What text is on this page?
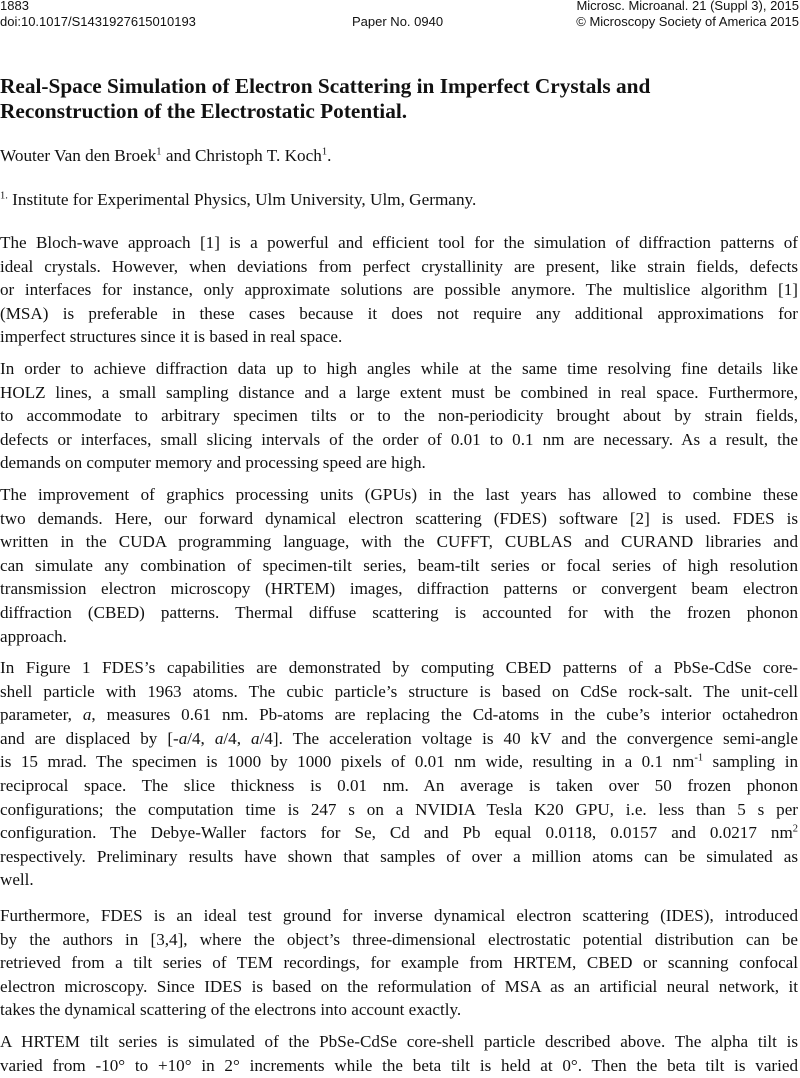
1883
doi:10.1017/S1431927615010193	Paper No. 0940
Microsc. Microanal. 21 (Suppl 3), 2015
© Microscopy Society of America 2015
Real-Space Simulation of Electron Scattering in Imperfect Crystals and
Reconstruction of the Electrostatic Potential.

Wouter Van den Broek$^1$ and Christoph T. Koch$^1$.

$^{1.}$ Institute for Experimental Physics, Ulm University, Ulm, Germany.

The Bloch-wave approach [1] is a powerful and efficient tool for the simulation of diffraction patterns of
ideal crystals. However, when deviations from perfect crystallinity are present, like strain fields, defects
or interfaces for instance, only approximate solutions are possible anymore. The multislice algorithm [1]
(MSA) is preferable in these cases because it does not require any additional approximations for
imperfect structures since it is based in real space.
In order to achieve diffraction data up to high angles while at the same time resolving fine details like
HOLZ lines, a small sampling distance and a large extent must be combined in real space. Furthermore,
to accommodate to arbitrary specimen tilts or to the non-periodicity brought about by strain fields,
defects or interfaces, small slicing intervals of the order of 0.01 to 0.1 nm are necessary. As a result, the
demands on computer memory and processing speed are high.
The improvement of graphics processing units (GPUs) in the last years has allowed to combine these
two demands. Here, our forward dynamical electron scattering (FDES) software [2] is used. FDES is
written in the CUDA programming language, with the CUFFT, CUBLAS and CURAND libraries and
can simulate any combination of specimen-tilt series, beam-tilt series or focal series of high resolution
transmission electron microscopy (HRTEM) images, diffraction patterns or convergent beam electron
diffraction (CBED) patterns. Thermal diffuse scattering is accounted for with the frozen phonon
approach.
In Figure 1 FDES’s capabilities are demonstrated by computing CBED patterns of a PbSe-CdSe core-
shell particle with 1963 atoms. The cubic particle’s structure is based on CdSe rock-salt. The unit-cell
parameter, a, measures 0.61 nm. Pb-atoms are replacing the Cd-atoms in the cube’s interior octahedron
and are displaced by [-a/4, a/4, a/4]. The acceleration voltage is 40 kV and the convergence semi-angle
is 15 mrad. The specimen is 1000 by 1000 pixels of 0.01 nm wide, resulting in a 0.1 $nm^{-1}$ sampling in
reciprocal space. The slice thickness is 0.01 nm. An average is taken over 50 frozen phonon
configurations; the computation time is 247 s on a NVIDIA Tesla K20 GPU, i.e. less than 5 s per
configuration. The Debye-Waller factors for Se, Cd and Pb equal 0.0118, 0.0157 and 0.0217 $nm^2$
respectively. Preliminary results have shown that samples of over a million atoms can be simulated as
well.
Furthermore, FDES is an ideal test ground for inverse dynamical electron scattering (IDES), introduced
by the authors in [3,4], where the object’s three-dimensional electrostatic potential distribution can be
retrieved from a tilt series of TEM recordings, for example from HRTEM, CBED or scanning confocal
electron microscopy. Since IDES is based on the reformulation of MSA as an artificial neural network, it
takes the dynamical scattering of the electrons into account exactly.
A HRTEM tilt series is simulated of the PbSe-CdSe core-shell particle described above. The alpha tilt is
varied from -10° to +10° in 2° increments while the beta tilt is held at 0°. Then the beta tilt is varied
